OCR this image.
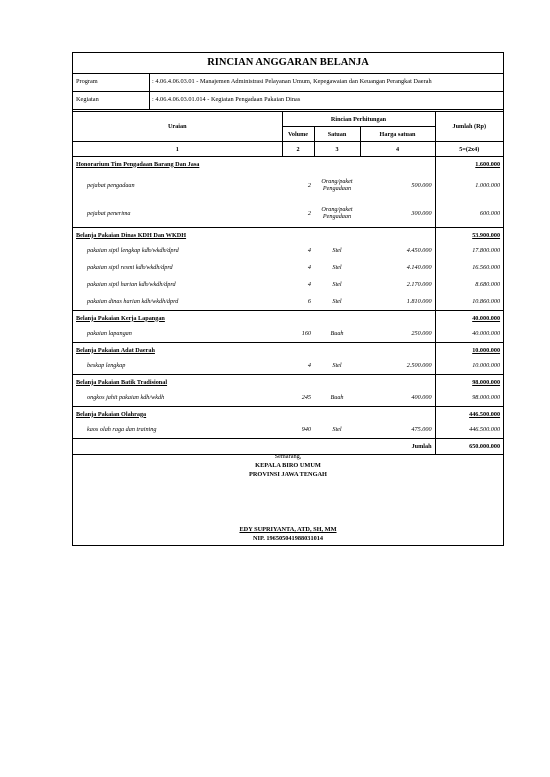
RINCIAN ANGGARAN BELANJA
Program	: 4.06.4.06.03.01 - Manajemen Administrasi Pelayanan Umum, Kepegawaian dan Keuangan Perangkat Daerah
Kegiatan	: 4.06.4.06.03.01.014 - Kegiatan Pengadaan Pakaian Dinas
Uraian	Rincian Perhitungan			Jumlah (Rp)
	Volume	Satuan	Harga satuan	
1	2	3	4	5=(2x4)
Honorarium Tim Pengadaan Barang Dan Jasa				1.600.000
pejabat pengadaan	2	Orang/paket Pengadaan	500.000	1.000.000
pejabat penerima	2	Orang/paket Pengadaan	300.000	600.000
Belanja Pakaian Dinas KDH Dan WKDH				53.900.000
pakaian sipil lengkap kdh/wkdh/dprd	4	Stel	4.450.000	17.800.000
pakaian sipil resmi kdh/wkdh/dprd	4	Stel	4.140.000	16.560.000
pakaian sipil harian kdh/wkdh/dprd	4	Stel	2.170.000	8.680.000
pakaian dinas harian kdh/wkdh/dprd	6	Stel	1.810.000	10.860.000
Belanja Pakaian Kerja Lapangan				40.000.000
pakaian lapangan	160	Buah	250.000	40.000.000
Belanja Pakaian Adat Daerah				10.000.000
beskap lengkap	4	Stel	2.500.000	10.000.000
Belanja Pakaian Batik Tradisional				98.000.000
ongkos jahit pakaian kdh/wkdh	245	Buah	400.000	98.000.000
Belanja Pakaian Olahraga				446.500.000
kaos olah raga dan training	940	Stel	475.000	446.500.000
Jumlah				650.000.000
Semarang,
KEPALA BIRO UMUM
PROVINSI JAWA TENGAH
EDY SUPRIYANTA, ATD, SH, MM
NIP. 196505041988031014
